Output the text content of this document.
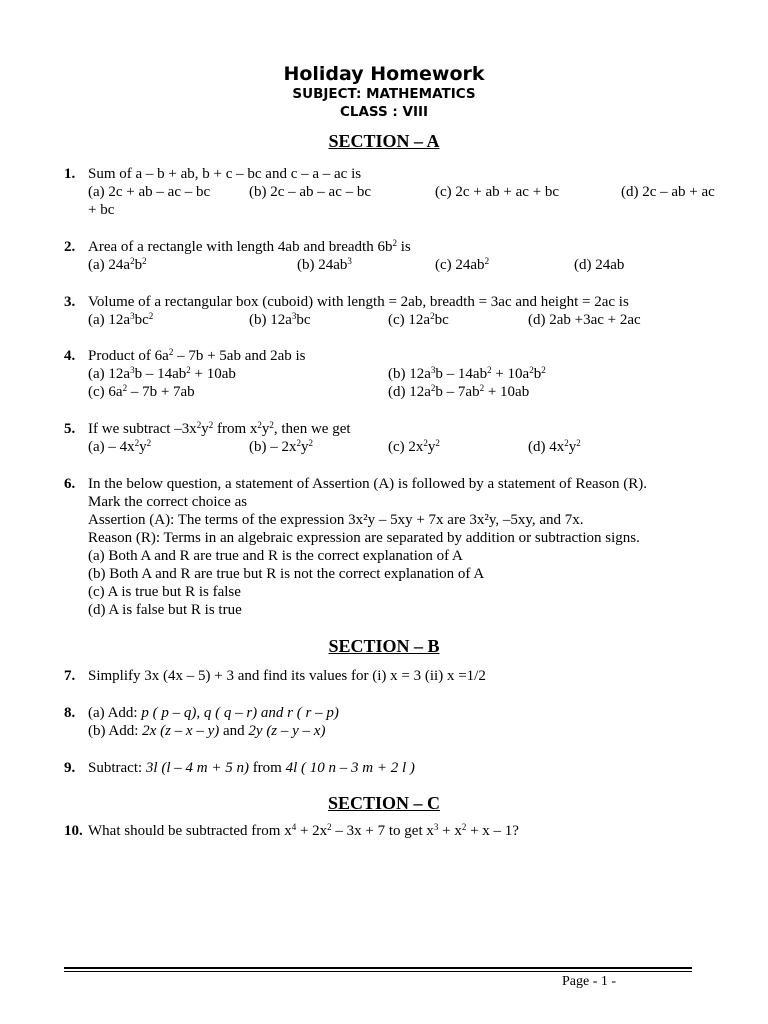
Holiday Homework
SUBJECT: MATHEMATICS
CLASS : VIII
SECTION – A
1. Sum of a – b + ab, b + c – bc and c – a – ac is
(a) 2c + ab – ac – bc	(b) 2c – ab – ac – bc	(c) 2c + ab + ac + bc	(d) 2c – ab + ac
+ bc
2. Area of a rectangle with length 4ab and breadth $6b^2$ is
(a) $24a^2b^2$	(b) $24ab^3$	(c) $24ab^2$	(d) 24ab
3. Volume of a rectangular box (cuboid) with length = 2ab, breadth = 3ac and height = 2ac is
(a) $12a^3bc^2$	(b) $12a^3bc$	(c) $12a^2bc$	(d) 2ab +3ac + 2ac
4. Product of $6a^2 - 7b + 5ab$ and 2ab is
(a) $12a^3b - 14ab^2 + 10ab$	(b) $12a^3b - 14ab^2 + 10a^2b^2$
(c) $6a^2 - 7b + 7ab$	(d) $12a^2b - 7ab^2 + 10ab$
5. If we subtract $-3x^2y^2$ from $x^2y^2$, then we get
$(a) - 4x^2y^2$	$(b) - 2x^2y^2$	(c) $2x^2y^2$	(d) $4x^2y^2$
6. In the below question, a statement of Assertion (A) is followed by a statement of Reason (R).
Mark the correct choice as
Assertion (A): The terms of the expression 3x²y – 5xy + 7x are 3x²y, –5xy, and 7x.
Reason (R): Terms in an algebraic expression are separated by addition or subtraction signs.
(a) Both A and R are true and R is the correct explanation of A
(b) Both A and R are true but R is not the correct explanation of A
(c) A is true but R is false
(d) A is false but R is true
SECTION – B
7. Simplify 3x (4x – 5) + 3 and find its values for (i) x = 3 (ii) x =1/2
8. (a) Add: p ( p – q), q ( q – r) and r ( r – p)
(b) Add: 2x (z – x – y) and 2y (z – y – x)
9. Subtract: 3l (l – 4 m + 5 n) from 4l ( 10 n – 3 m + 2 l )
SECTION – C
10. What should be subtracted from $x^4 + 2x^2 - 3x + 7$ to get $x^3 + x^2 + x - 1$?
Page - 1 -
